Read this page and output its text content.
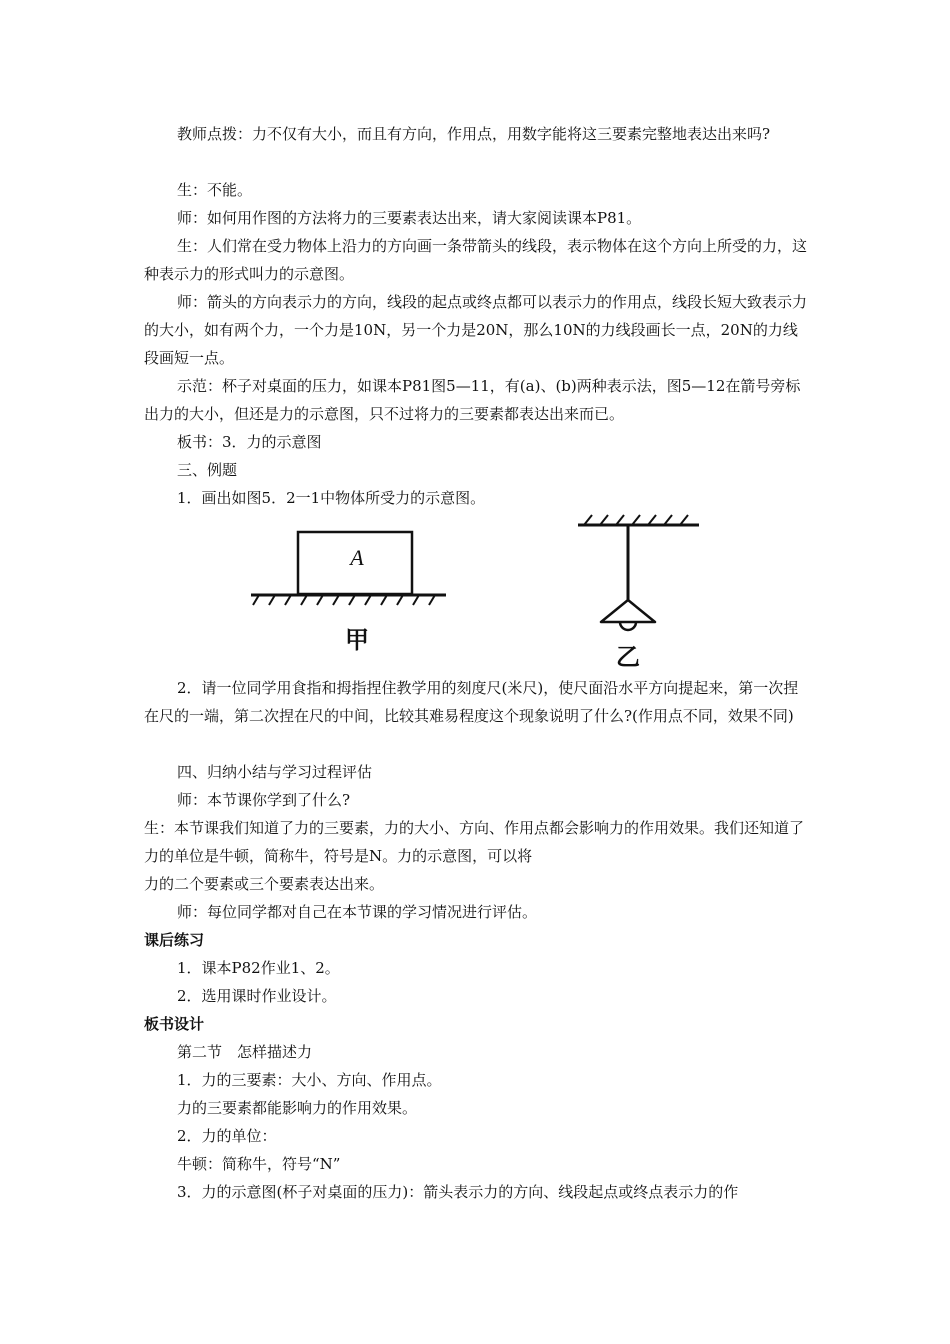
教师点拨：力不仅有大小，而且有方向，作用点，用数字能将这三要素完整地表达出来吗?

生：不能。

师：如何用作图的方法将力的三要素表达出来，请大家阅读课本P81。

生：人们常在受力物体上沿力的方向画一条带箭头的线段，表示物体在这个方向上所受的力，这种表示力的形式叫力的示意图。

师：箭头的方向表示力的方向，线段的起点或终点都可以表示力的作用点，线段长短大致表示力的大小，如有两个力，一个力是10N，另一个力是20N，那么10N的力线段画长一点，20N的力线段画短一点。

示范：杯子对桌面的压力，如课本P81图5—11，有(a)、(b)两种表示法，图5—12在箭号旁标出力的大小，但还是力的示意图，只不过将力的三要素都表达出来而已。

板书：3．力的示意图

三、例题

1．画出如图5．2一1中物体所受力的示意图。

A
甲
乙

2．请一位同学用食指和拇指捏住教学用的刻度尺(米尺)，使尺面沿水平方向提起来，第一次捏在尺的一端，第二次捏在尺的中间，比较其难易程度这个现象说明了什么?(作用点不同，效果不同)

四、归纳小结与学习过程评估

师：本节课你学到了什么?

生：本节课我们知道了力的三要素，力的大小、方向、作用点都会影响力的作用效果。我们还知道了力的单位是牛顿，简称牛，符号是N。力的示意图，可以将

力的二个要素或三个要素表达出来。

师：每位同学都对自己在本节课的学习情况进行评估。

课后练习

1．课本P82作业1、2。

2．选用课时作业设计。

板书设计

第二节　怎样描述力

1．力的三要素：大小、方向、作用点。

力的三要素都能影响力的作用效果。

2．力的单位：

牛顿：简称牛，符号“N”

3．力的示意图(杯子对桌面的压力)：箭头表示力的方向、线段起点或终点表示力的作
